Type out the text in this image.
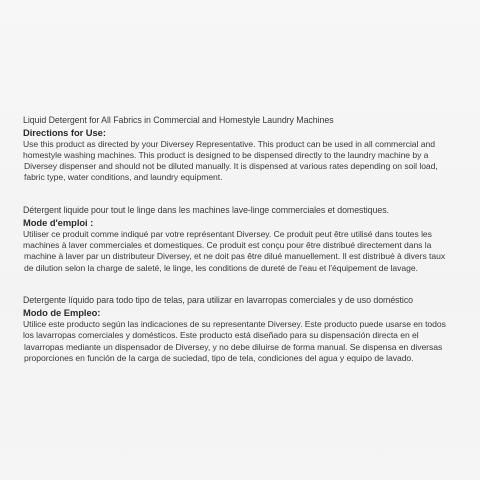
Liquid Detergent for All Fabrics in Commercial and Homestyle Laundry Machines
Directions for Use:
Use this product as directed by your Diversey Representative. This product can be used in all commercial and
homestyle washing machines. This product is designed to be dispensed directly to the laundry machine by a
Diversey dispenser and should not be diluted manually. It is dispensed at various rates depending on soil load,
fabric type, water conditions, and laundry equipment.
Détergent liquide pour tout le linge dans les machines lave-linge commerciales et domestiques.
Mode d'emploi :
Utiliser ce produit comme indiqué par votre représentant Diversey. Ce produit peut être utilisé dans toutes les
machines à laver commerciales et domestiques. Ce produit est conçu pour être distribué directement dans la
machine à laver par un distributeur Diversey, et ne doit pas être dilué manuellement. Il est distribué à divers taux
de dilution selon la charge de saleté, le linge, les conditions de dureté de l'eau et l'équipement de lavage.
Detergente líquido para todo tipo de telas, para utilizar en lavarropas comerciales y de uso doméstico
Modo de Empleo:
Utilice este producto según las indicaciones de su representante Diversey. Este producto puede usarse en todos
los lavarropas comerciales y domésticos. Este producto está diseñado para su dispensación directa en el
lavarropas mediante un dispensador de Diversey, y no debe diluirse de forma manual. Se dispensa en diversas
proporciones en función de la carga de suciedad, tipo de tela, condiciones del agua y equipo de lavado.
